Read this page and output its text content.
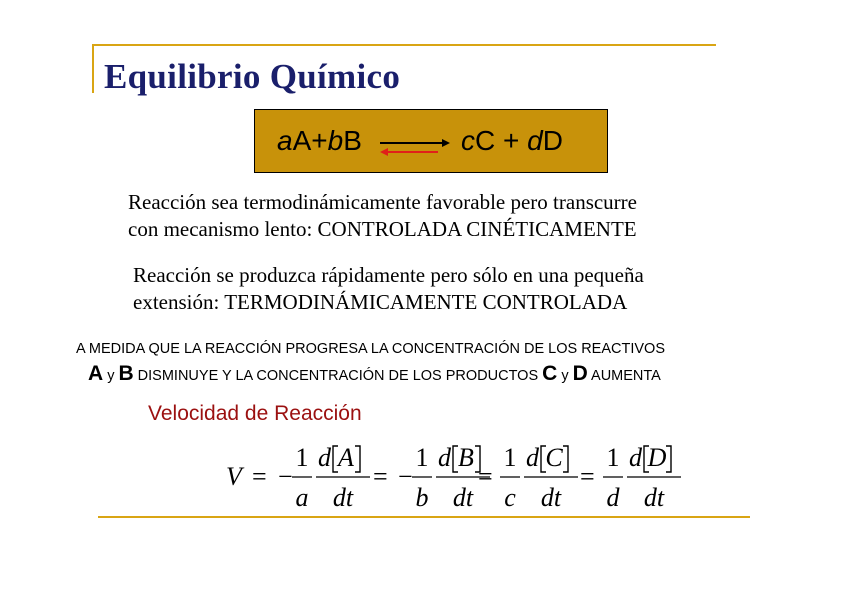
Equilibrio Químico
aA+bB	cC + dD
Reacción sea termodinámicamente favorable pero transcurre
con mecanismo lento: CONTROLADA CINÉTICAMENTE
Reacción se produzca rápidamente pero sólo en una pequeña
extensión: TERMODINÁMICAMENTE CONTROLADA
A MEDIDA QUE LA REACCIÓN PROGRESA LA CONCENTRACIÓN DE LOS REACTIVOS
A y B DISMINUYE Y LA CONCENTRACIÓN DE LOS PRODUCTOS C y D AUMENTA
Velocidad de Reacción
V = −
1
a
d A
dt
= −
1
b
d B
dt
=
1
c
d C
dt
=
1
d
d D
dt
